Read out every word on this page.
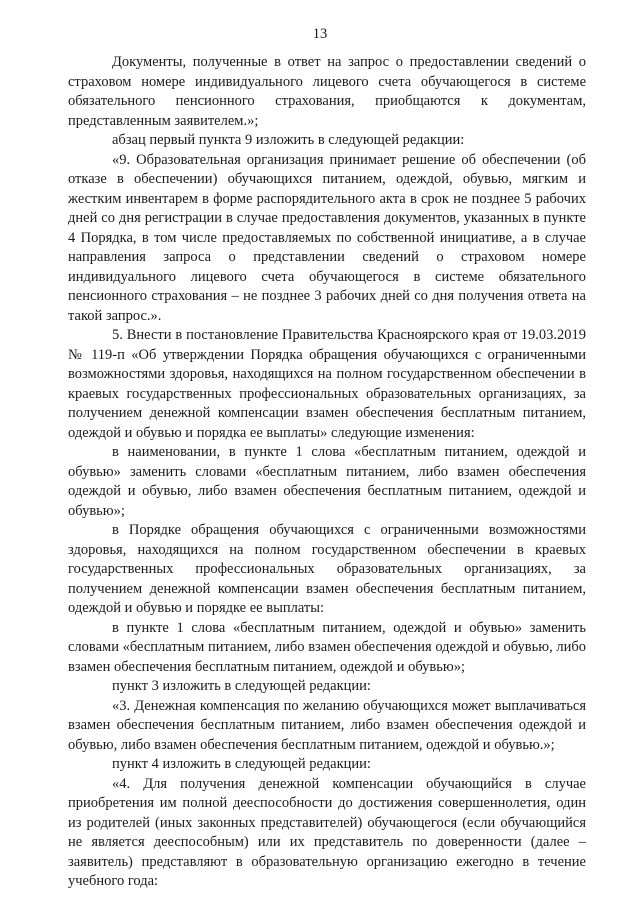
13

Документы, полученные в ответ на запрос о предоставлении сведений о страховом номере индивидуального лицевого счета обучающегося в системе обязательного пенсионного страхования, приобщаются к документам, представленным заявителем.»;

абзац первый пункта 9 изложить в следующей редакции:

«9. Образовательная организация принимает решение об обеспечении (об отказе в обеспечении) обучающихся питанием, одеждой, обувью, мягким и жестким инвентарем в форме распорядительного акта в срок не позднее 5 рабочих дней со дня регистрации в случае предоставления документов, указанных в пункте 4 Порядка, в том числе предоставляемых по собственной инициативе, а в случае направления запроса о представлении сведений о страховом номере индивидуального лицевого счета обучающегося в системе обязательного пенсионного страхования – не позднее 3 рабочих дней со дня получения ответа на такой запрос.».

5. Внести в постановление Правительства Красноярского края от 19.03.2019 № 119-п «Об утверждении Порядка обращения обучающихся с ограниченными возможностями здоровья, находящихся на полном государственном обеспечении в краевых государственных профессиональных образовательных организациях, за получением денежной компенсации взамен обеспечения бесплатным питанием, одеждой и обувью и порядка ее выплаты» следующие изменения:

в наименовании, в пункте 1 слова «бесплатным питанием, одеждой и обувью» заменить словами «бесплатным питанием, либо взамен обеспечения одеждой и обувью, либо взамен обеспечения бесплатным питанием, одеждой и обувью»;

в Порядке обращения обучающихся с ограниченными возможностями здоровья, находящихся на полном государственном обеспечении в краевых государственных профессиональных образовательных организациях, за получением денежной компенсации взамен обеспечения бесплатным питанием, одеждой и обувью и порядке ее выплаты:

в пункте 1 слова «бесплатным питанием, одеждой и обувью» заменить словами «бесплатным питанием, либо взамен обеспечения одеждой и обувью, либо взамен обеспечения бесплатным питанием, одеждой и обувью»;

пункт 3 изложить в следующей редакции:

«3. Денежная компенсация по желанию обучающихся может выплачиваться взамен обеспечения бесплатным питанием, либо взамен обеспечения одеждой и обувью, либо взамен обеспечения бесплатным питанием, одеждой и обувью.»;

пункт 4 изложить в следующей редакции:

«4. Для получения денежной компенсации обучающийся в случае приобретения им полной дееспособности до достижения совершеннолетия, один из родителей (иных законных представителей) обучающегося (если обучающийся не является дееспособным) или их представитель по доверенности (далее – заявитель) представляют в образовательную организацию ежегодно в течение учебного года:
